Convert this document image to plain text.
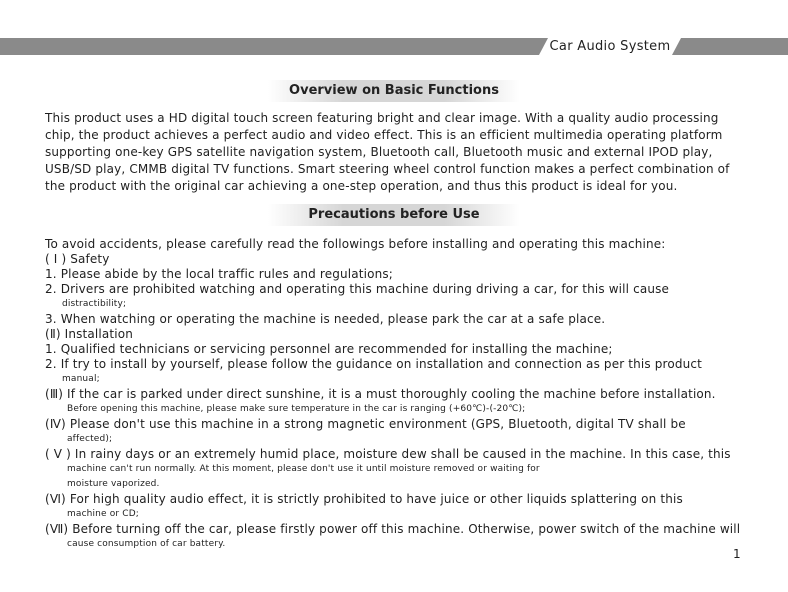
Car Audio System
Overview on Basic Functions
This product uses a HD digital touch screen featuring bright and clear image. With a quality audio processing
chip, the product achieves a perfect audio and video effect. This is an efficient multimedia operating platform
supporting one-key GPS satellite navigation system, Bluetooth call, Bluetooth music and external IPOD play,
USB/SD play, CMMB digital TV functions. Smart steering wheel control function makes a perfect combination of
the product with the original car achieving a one-step operation, and thus this product is ideal for you.
Precautions before Use
To avoid accidents, please carefully read the followings before installing and operating this machine:
( I ) Safety
1. Please abide by the local traffic rules and regulations;
2. Drivers are prohibited watching and operating this machine during driving a car, for this will cause
distractibility;
3. When watching or operating the machine is needed, please park the car at a safe place.
(Ⅱ) Installation
1. Qualified technicians or servicing personnel are recommended for installing the machine;
2. If try to install by yourself, please follow the guidance on installation and connection as per this product
manual;
(Ⅲ) If the car is parked under direct sunshine, it is a must thoroughly cooling the machine before installation.
Before opening this machine, please make sure temperature in the car is ranging (+60℃)-(-20℃);
(Ⅳ) Please don't use this machine in a strong magnetic environment (GPS, Bluetooth, digital TV shall be
affected);
( V ) In rainy days or an extremely humid place, moisture dew shall be caused in the machine. In this case, this
machine can't run normally. At this moment, please don't use it until moisture removed or waiting for
moisture vaporized.
(Ⅵ) For high quality audio effect, it is strictly prohibited to have juice or other liquids splattering on this
machine or CD;
(Ⅶ) Before turning off the car, please firstly power off this machine. Otherwise, power switch of the machine will
cause consumption of car battery.
1
